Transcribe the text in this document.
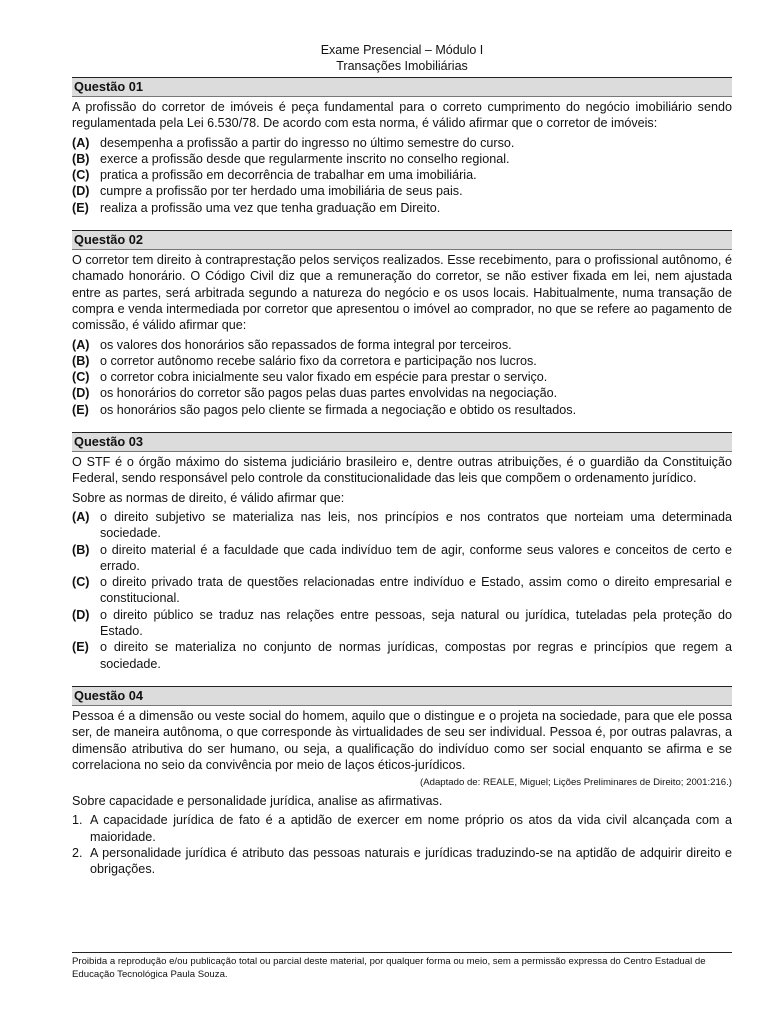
Exame Presencial – Módulo I
Transações Imobiliárias
Questão 01

A profissão do corretor de imóveis é peça fundamental para o correto cumprimento do negócio imobiliário sendo regulamentada pela Lei 6.530/78. De acordo com esta norma, é válido afirmar que o corretor de imóveis:

(A) desempenha a profissão a partir do ingresso no último semestre do curso.
(B) exerce a profissão desde que regularmente inscrito no conselho regional.
(C) pratica a profissão em decorrência de trabalhar em uma imobiliária.
(D) cumpre a profissão por ter herdado uma imobiliária de seus pais.
(E) realiza a profissão uma vez que tenha graduação em Direito.
Questão 02

O corretor tem direito à contraprestação pelos serviços realizados. Esse recebimento, para o profissional autônomo, é chamado honorário. O Código Civil diz que a remuneração do corretor, se não estiver fixada em lei, nem ajustada entre as partes, será arbitrada segundo a natureza do negócio e os usos locais. Habitualmente, numa transação de compra e venda intermediada por corretor que apresentou o imóvel ao comprador, no que se refere ao pagamento de comissão, é válido afirmar que:

(A) os valores dos honorários são repassados de forma integral por terceiros.
(B) o corretor autônomo recebe salário fixo da corretora e participação nos lucros.
(C) o corretor cobra inicialmente seu valor fixado em espécie para prestar o serviço.
(D) os honorários do corretor são pagos pelas duas partes envolvidas na negociação.
(E) os honorários são pagos pelo cliente se firmada a negociação e obtido os resultados.
Questão 03

O STF é o órgão máximo do sistema judiciário brasileiro e, dentre outras atribuições, é o guardião da Constituição Federal, sendo responsável pelo controle da constitucionalidade das leis que compõem o ordenamento jurídico.

Sobre as normas de direito, é válido afirmar que:

(A) o direito subjetivo se materializa nas leis, nos princípios e nos contratos que norteiam uma determinada sociedade.
(B) o direito material é a faculdade que cada indivíduo tem de agir, conforme seus valores e conceitos de certo e errado.
(C) o direito privado trata de questões relacionadas entre indivíduo e Estado, assim como o direito empresarial e constitucional.
(D) o direito público se traduz nas relações entre pessoas, seja natural ou jurídica, tuteladas pela proteção do Estado.
(E) o direito se materializa no conjunto de normas jurídicas, compostas por regras e princípios que regem a sociedade.
Questão 04

Pessoa é a dimensão ou veste social do homem, aquilo que o distingue e o projeta na sociedade, para que ele possa ser, de maneira autônoma, o que corresponde às virtualidades de seu ser individual. Pessoa é, por outras palavras, a dimensão atributiva do ser humano, ou seja, a qualificação do indivíduo como ser social enquanto se afirma e se correlaciona no seio da convivência por meio de laços éticos-jurídicos.

(Adaptado de: REALE, Miguel; Lições Preliminares de Direito; 2001:216.)

Sobre capacidade e personalidade jurídica, analise as afirmativas.

1. A capacidade jurídica de fato é a aptidão de exercer em nome próprio os atos da vida civil alcançada com a maioridade.
2. A personalidade jurídica é atributo das pessoas naturais e jurídicas traduzindo-se na aptidão de adquirir direito e obrigações.
Proibida a reprodução e/ou publicação total ou parcial deste material, por qualquer forma ou meio, sem a permissão expressa do Centro Estadual de Educação Tecnológica Paula Souza.
